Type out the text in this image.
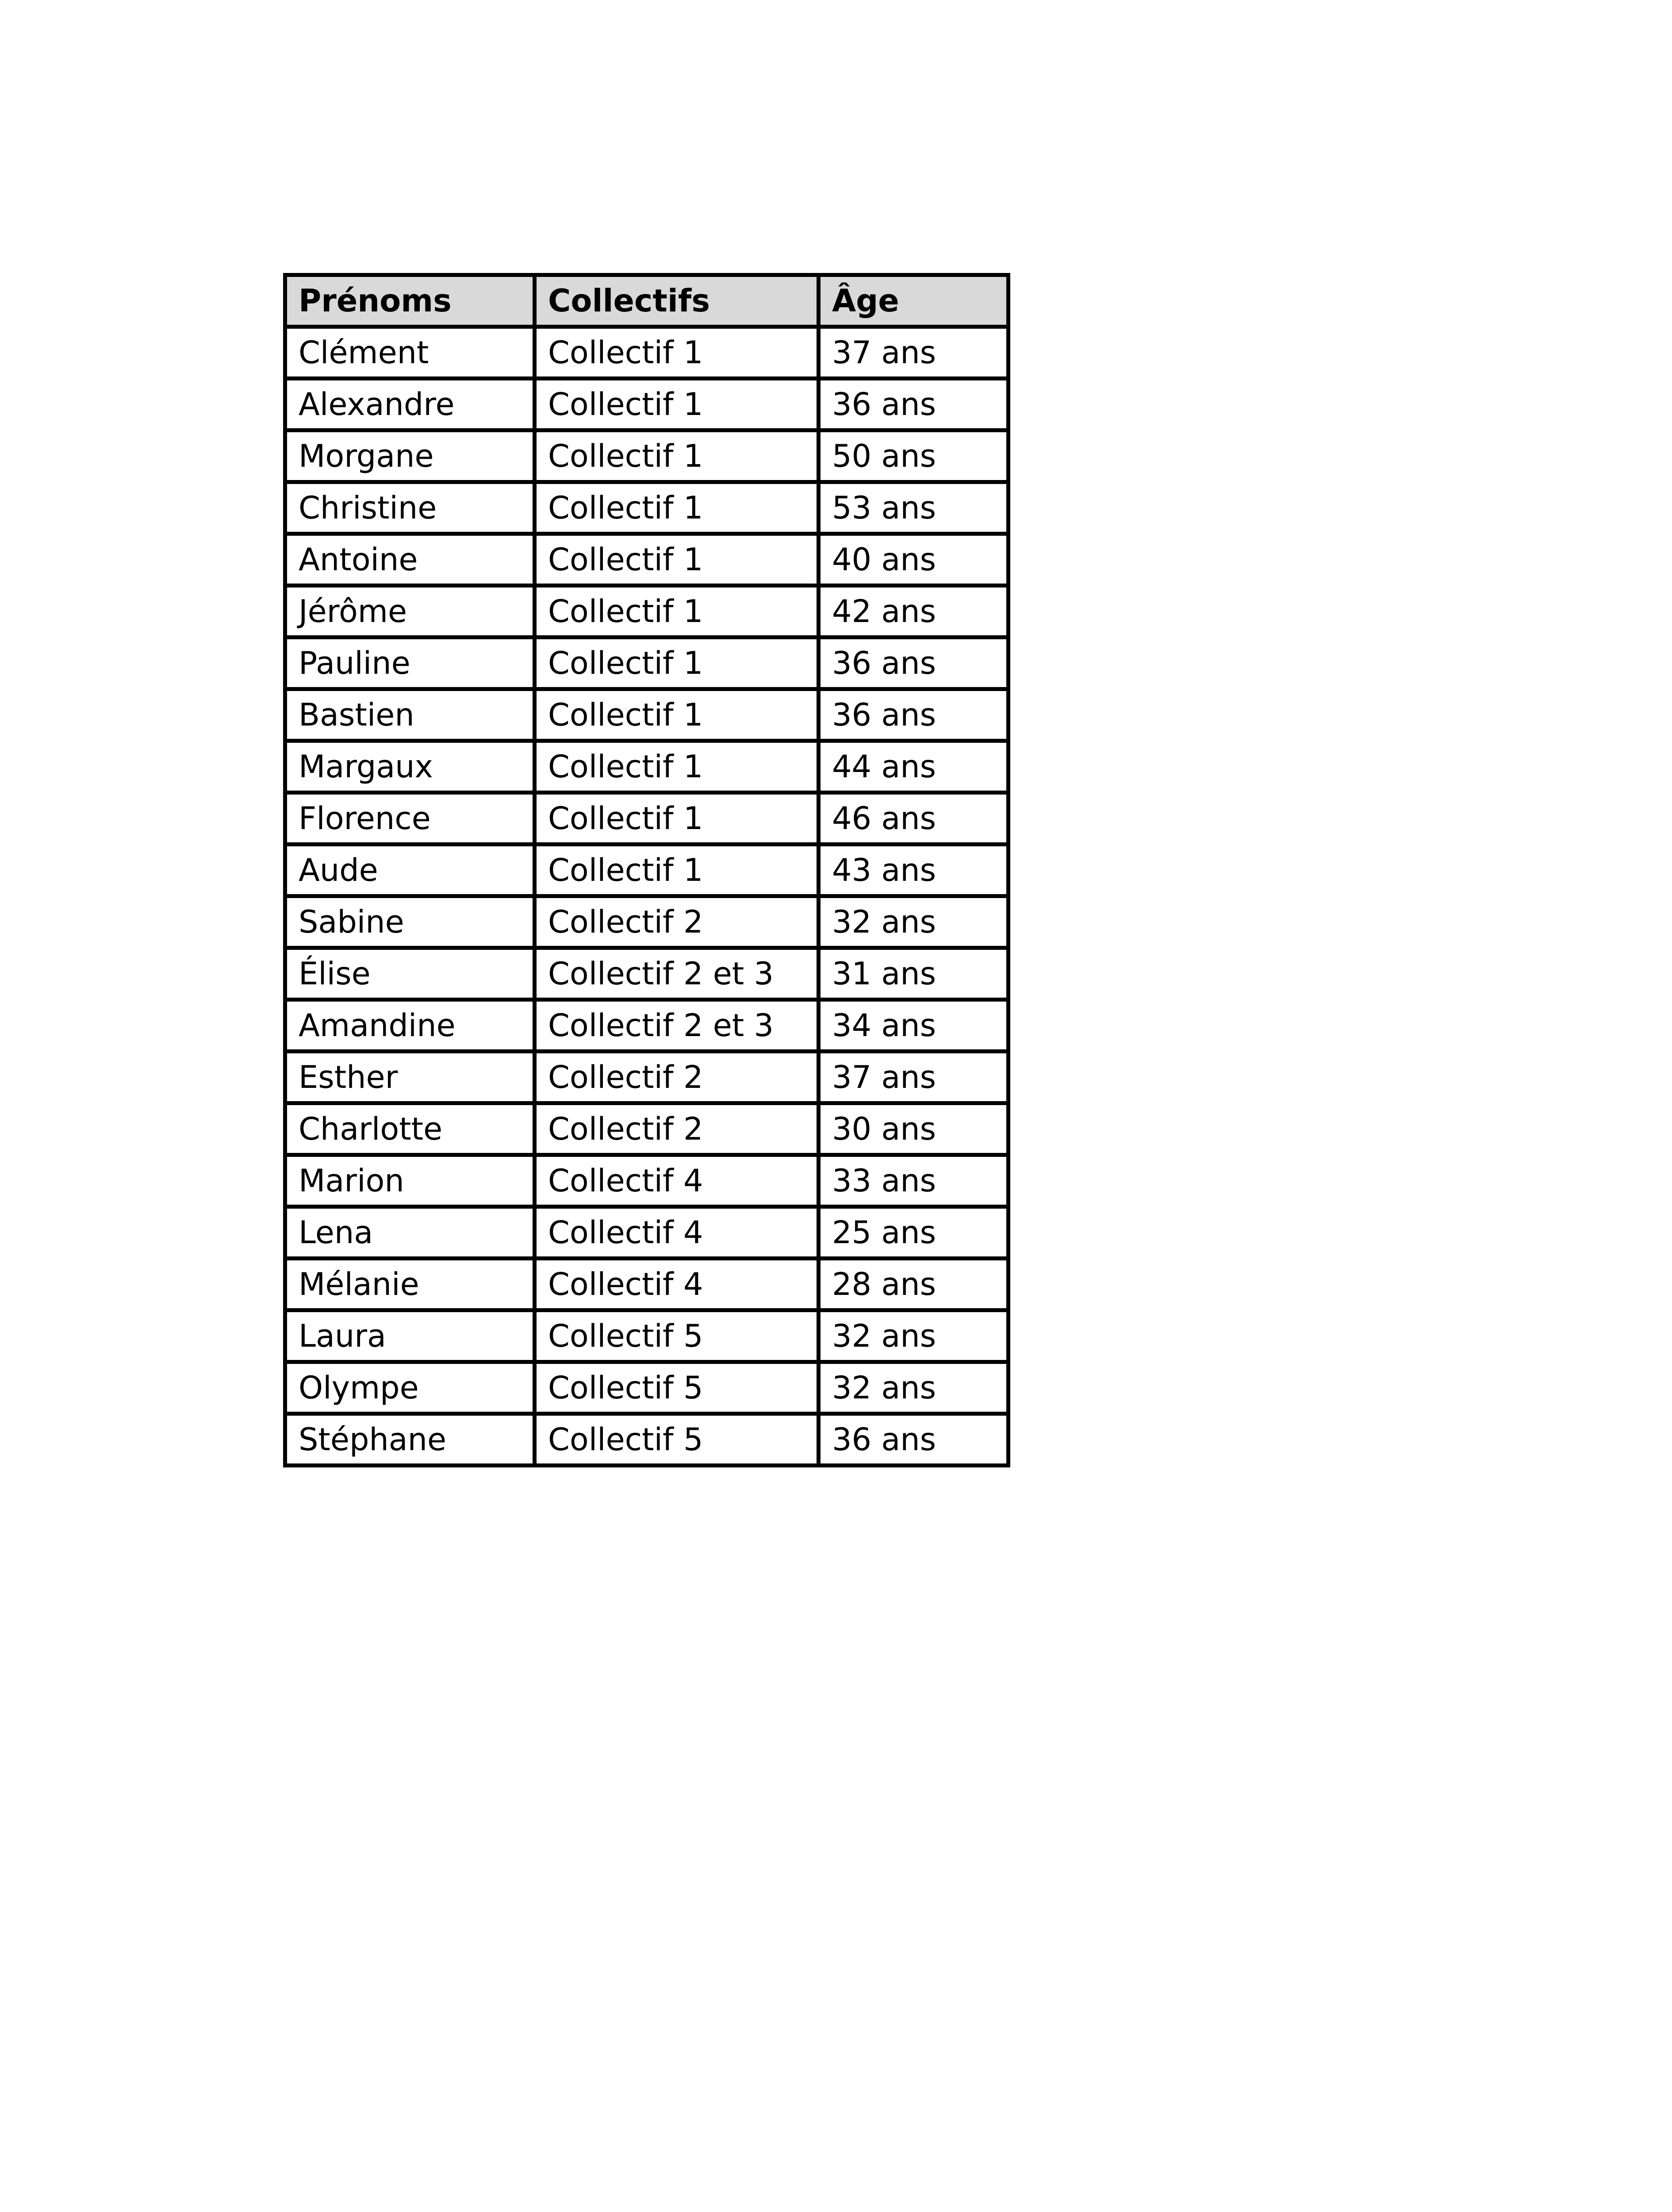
Prénoms	Collectifs	Âge
Clément	Collectif 1	37 ans
Alexandre	Collectif 1	36 ans
Morgane	Collectif 1	50 ans
Christine	Collectif 1	53 ans
Antoine	Collectif 1	40 ans
Jérôme	Collectif 1	42 ans
Pauline	Collectif 1	36 ans
Bastien	Collectif 1	36 ans
Margaux	Collectif 1	44 ans
Florence	Collectif 1	46 ans
Aude	Collectif 1	43 ans
Sabine	Collectif 2	32 ans
Élise	Collectif 2 et 3	31 ans
Amandine	Collectif 2 et 3	34 ans
Esther	Collectif 2	37 ans
Charlotte	Collectif 2	30 ans
Marion	Collectif 4	33 ans
Lena	Collectif 4	25 ans
Mélanie	Collectif 4	28 ans
Laura	Collectif 5	32 ans
Olympe	Collectif 5	32 ans
Stéphane	Collectif 5	36 ans
